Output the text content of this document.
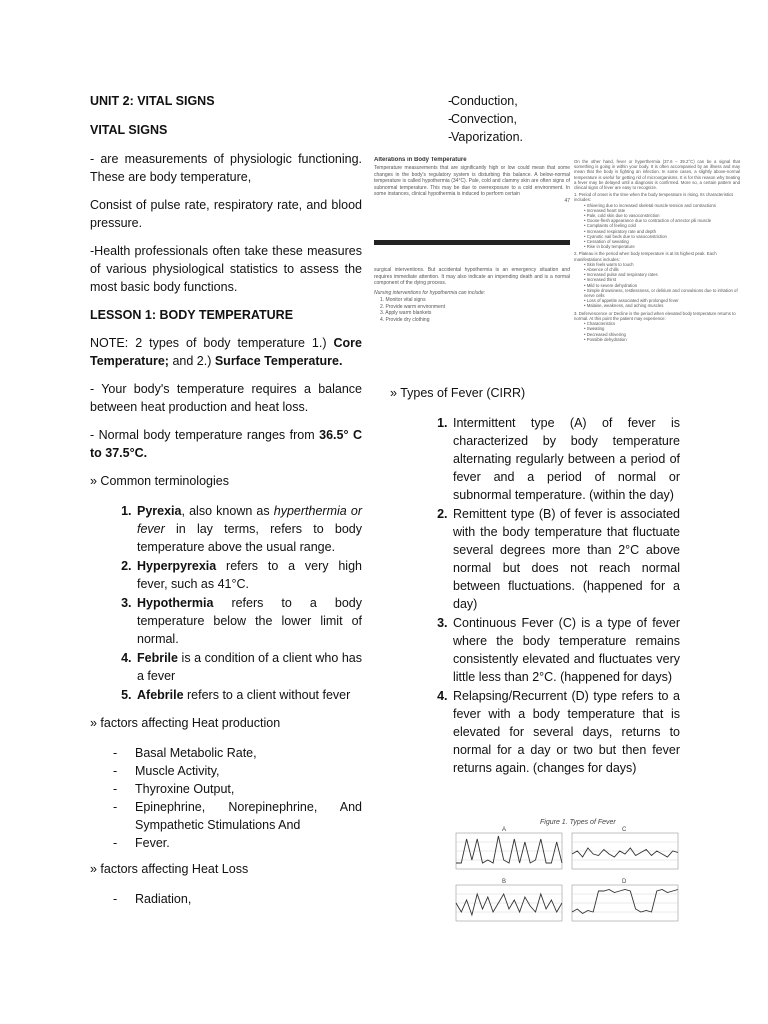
UNIT 2: VITAL SIGNS

VITAL SIGNS

- are measurements of physiologic functioning. These are body temperature,

Consist of pulse rate, respiratory rate, and blood pressure.

-Health professionals often take these measures of various physiological statistics to assess the most basic body functions.

LESSON 1: BODY TEMPERATURE

NOTE: 2 types of body temperature 1.) Core Temperature; and 2.) Surface Temperature.

- Your body's temperature requires a balance between heat production and heat loss.

- Normal body temperature ranges from 36.5° C to 37.5°C.

» Common terminologies

1. Pyrexia, also known as hyperthermia or fever in lay terms, refers to body temperature above the usual range.
2. Hyperpyrexia refers to a very high fever, such as 41°C.
3. Hypothermia refers to a body temperature below the lower limit of normal.
4. Febrile is a condition of a client who has a fever
5. Afebrile refers to a client without fever

» factors affecting Heat production

- Basal Metabolic Rate,
- Muscle Activity,
- Thyroxine Output,
- Epinephrine, Norepinephrine, And Sympathetic Stimulations And
- Fever.

» factors affecting Heat Loss

- Radiation,
- Conduction,
- Convection,
- Vaporization.
Alterations in Body Temperature
Temperature measurements that are significantly high or low could mean that some changes in the body's regulatory system is disturbing this balance. A below-normal temperature is called hypothermia (34°C). Pale, cold and clammy skin are often signs of subnormal temperature. This may be due to overexposure to a cold environment. In some instances, clinical hypothermia is induced to perform certain
47
surgical interventions. But accidental hypothermia is an emergency situation and requires immediate attention. It may also indicate an impending death and is a normal component of the dying process.
Nursing interventions for hypothermia can include:
1. Monitor vital signs
2. Provide warm environment
3. Apply warm blankets
4. Provide dry clothing
On the other hand, fever or hyperthermia (37.6 – 39.2°C) can be a signal that something is going in within your body. It is often accompanied by an illness and may mean that the body is fighting an infection. In some cases, a slightly above-normal temperature is useful for getting rid of microorganisms. It is for this reason why treating a fever may be delayed until a diagnosis is confirmed. More so, a certain pattern and clinical signs of fever are easy to recognize.
1. Period of onset is the time when the body temperature is rising. Its characteristics includes:
• Shivering due to increased skeletal muscle tension and contractions
• Increased heart rate
• Pale, cold skin due to vasoconstriction
• Goose-flesh appearance due to contraction of arrector pili muscle
• Complaints of feeling cold
• Increased respiratory rate and depth
• Cyanotic nail beds due to vasoconstriction
• Cessation of sweating
• Rise in body temperature
2. Plateau is the period when body temperature is at its highest peak. Each manifestations includes:
• Skin feels warm to touch
• Absence of chills
• Increased pulse and respiratory rates
• Increased thirst
• Mild to severe dehydration
• Simple drowsiness, restlessness, or delirium and convulsions due to irritation of nerve cells
• Loss of appetite associated with prolonged fever
• Malaise, weakness, and aching muscles
3. Defervescence or Decline is the period when elevated body temperature returns to normal. At this point the patient may experience:
• Characteristics
• Sweating
• Decreased shivering
• Possible dehydration

» Types of Fever (CIRR)

1. Intermittent type (A) of fever is characterized by body temperature alternating regularly between a period of fever and a period of normal or subnormal temperature. (within the day)
2. Remittent type (B) of fever is associated with the body temperature that fluctuate several degrees more than 2°C above normal but does not reach normal between fluctuations. (happened for a day)
3. Continuous Fever (C) is a type of fever where the body temperature remains consistently elevated and fluctuates very little less than 2°C. (happened for days)
4. Relapsing/Recurrent (D) type refers to a fever with a body temperature that is elevated for several days, returns to normal for a day or two but then fever returns again. (changes for days)
Figure 1. Types of Fever
A	C
B	D
